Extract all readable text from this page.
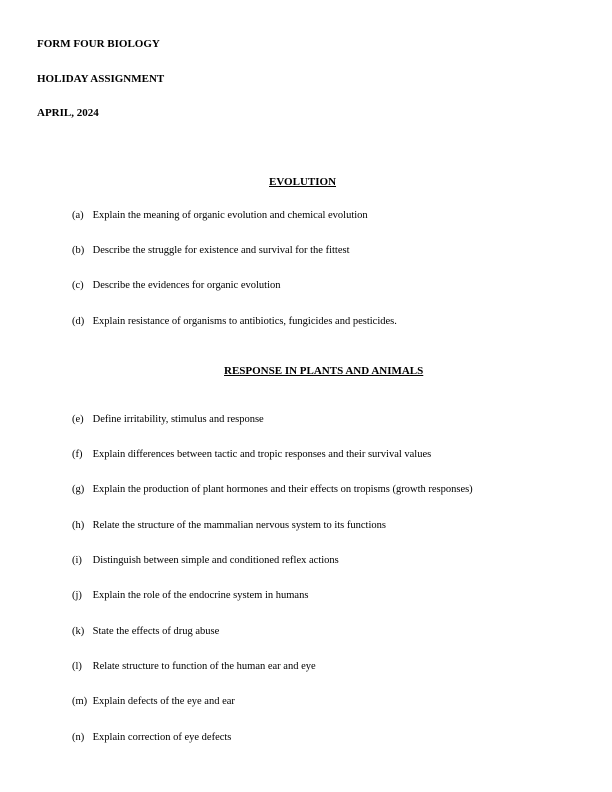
FORM FOUR BIOLOGY
HOLIDAY ASSIGNMENT
APRIL, 2024
EVOLUTION
(a) Explain the meaning of organic evolution and chemical evolution
(b) Describe the struggle for existence and survival for the fittest
(c) Describe the evidences for organic evolution
(d) Explain resistance of organisms to antibiotics, fungicides and pesticides.
RESPONSE IN PLANTS AND ANIMALS
(e) Define irritability, stimulus and response
(f) Explain differences between tactic and tropic responses and their survival values
(g) Explain the production of plant hormones and their effects on tropisms (growth responses)
(h) Relate the structure of the mammalian nervous system to its functions
(i) Distinguish between simple and conditioned reflex actions
(j) Explain the role of the endocrine system in humans
(k) State the effects of drug abuse
(l) Relate structure to function of the human ear and eye
(m) Explain defects of the eye and ear
(n) Explain correction of eye defects
